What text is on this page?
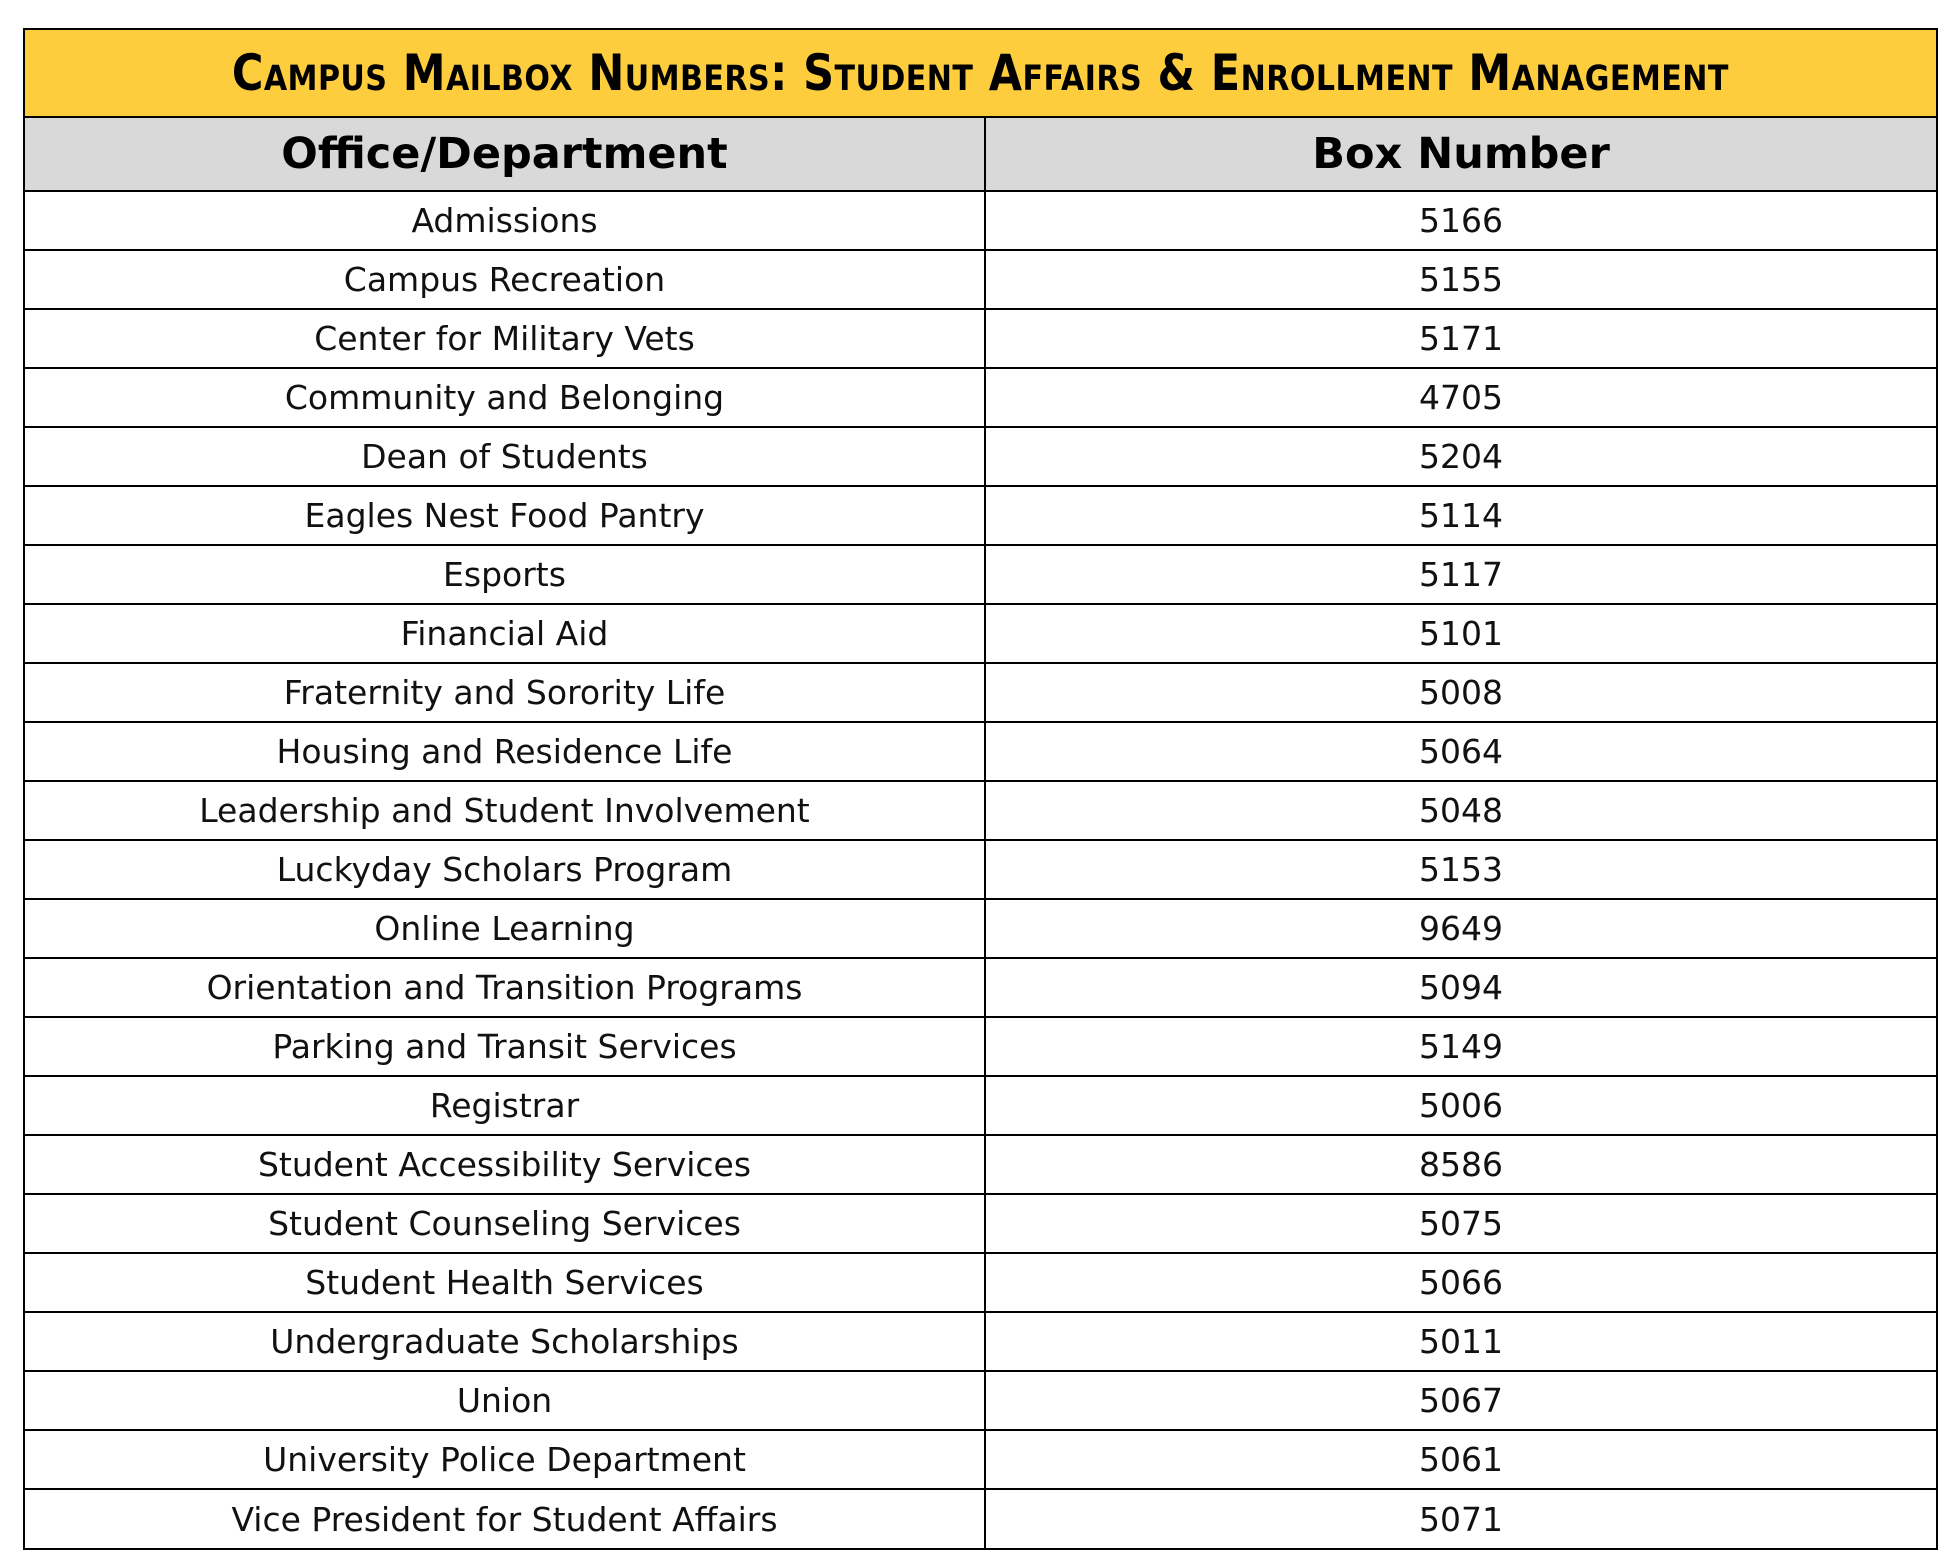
Campus Mailbox Numbers: Student Affairs & Enrollment Management
Office/Department	Box Number
Admissions	5166
Campus Recreation	5155
Center for Military Vets	5171
Community and Belonging	4705
Dean of Students	5204
Eagles Nest Food Pantry	5114
Esports	5117
Financial Aid	5101
Fraternity and Sorority Life	5008
Housing and Residence Life	5064
Leadership and Student Involvement	5048
Luckyday Scholars Program	5153
Online Learning	9649
Orientation and Transition Programs	5094
Parking and Transit Services	5149
Registrar	5006
Student Accessibility Services	8586
Student Counseling Services	5075
Student Health Services	5066
Undergraduate Scholarships	5011
Union	5067
University Police Department	5061
Vice President for Student Affairs	5071
